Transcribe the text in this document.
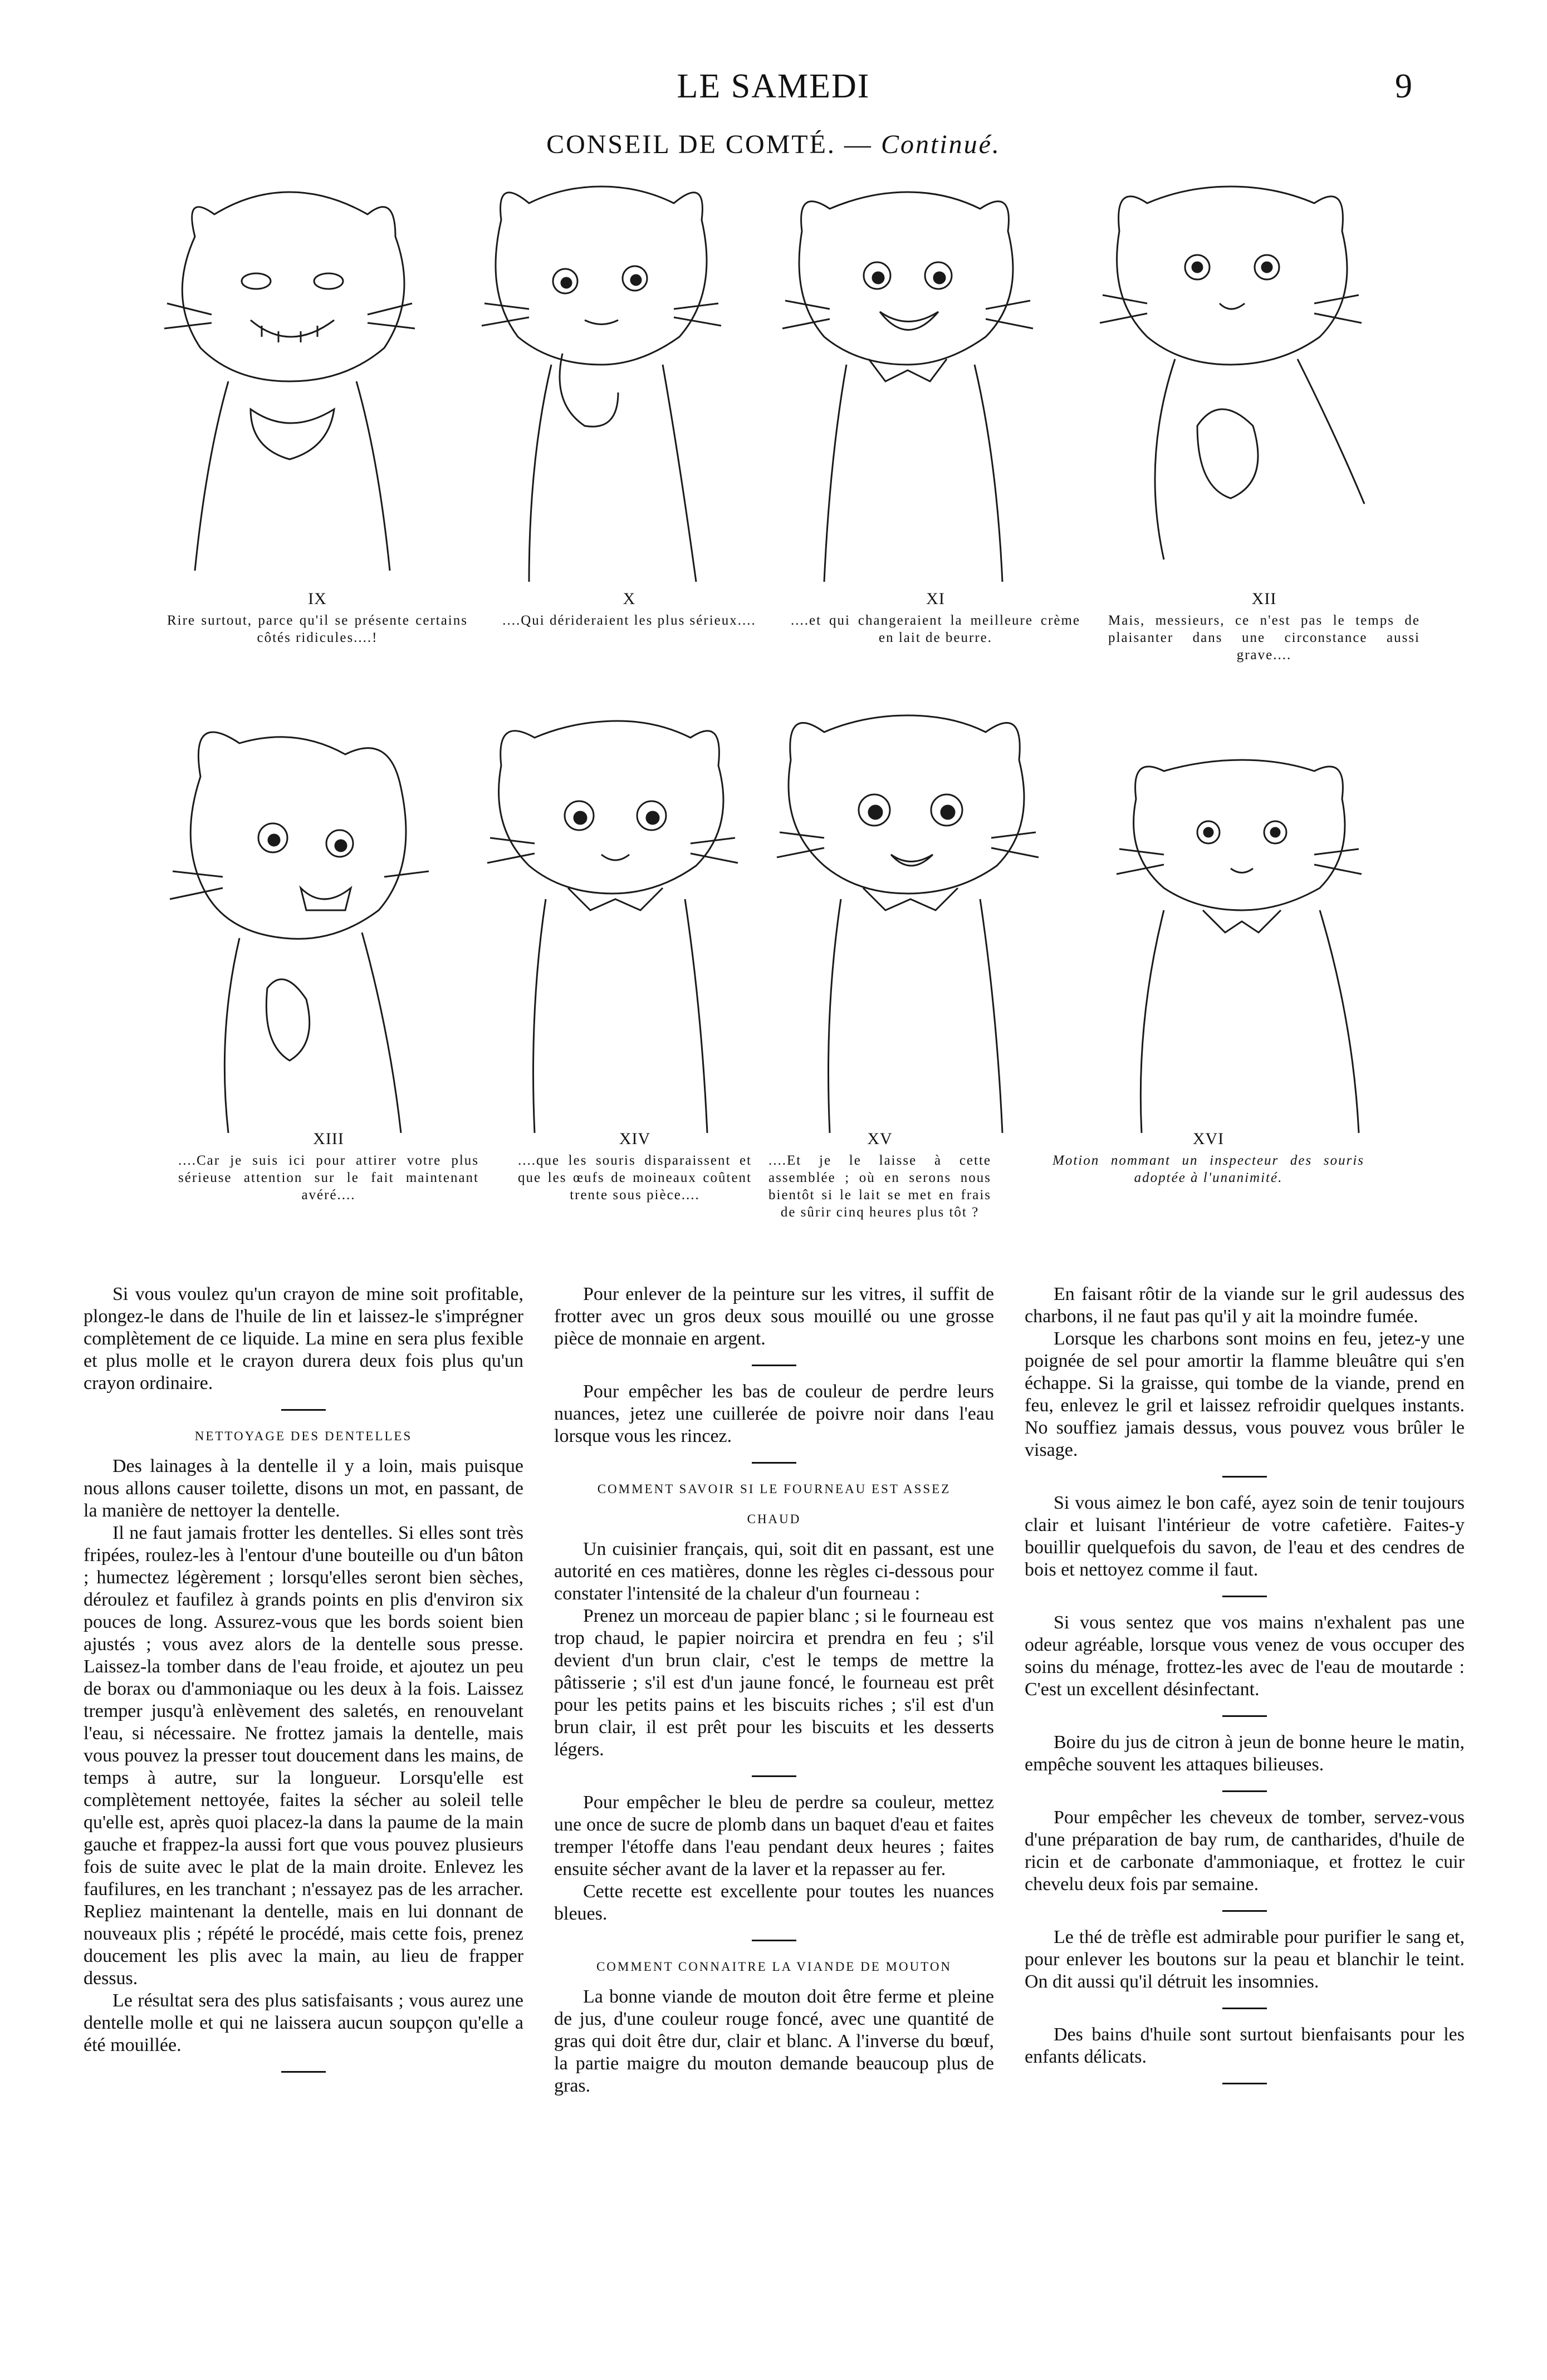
LE SAMEDI	9
CONSEIL DE COMTÉ. — Continué.
IX
Rire surtout, parce qu'il se présente certains côtés ridicules....!
X
....Qui dérideraient les plus sérieux....
XI
....et qui changeraient la meilleure crème en lait de beurre.
XII
Mais, messieurs, ce n'est pas le temps de plaisanter dans une circonstance aussi grave....
XIII
....Car je suis ici pour attirer votre plus sérieuse attention sur le fait maintenant avéré....
XIV
....que les souris disparaissent et que les œufs de moineaux coûtent trente sous pièce....
XV
....Et je le laisse à cette assemblée ; où en serons nous bientôt si le lait se met en frais de sûrir cinq heures plus tôt ?
XVI
Motion nommant un inspecteur des souris adoptée à l'unanimité.

Si vous voulez qu'un crayon de mine soit profitable, plongez-le dans de l'huile de lin et laissez-le s'imprégner complètement de ce liquide. La mine en sera plus fexible et plus molle et le crayon durera deux fois plus qu'un crayon ordinaire.

NETTOYAGE DES DENTELLES

Des lainages à la dentelle il y a loin, mais puisque nous allons causer toilette, disons un mot, en passant, de la manière de nettoyer la dentelle.

Il ne faut jamais frotter les dentelles. Si elles sont très fripées, roulez-les à l'entour d'une bouteille ou d'un bâton ; humectez légèrement ; lorsqu'elles seront bien sèches, déroulez et faufilez à grands points en plis d'environ six pouces de long. Assurez-vous que les bords soient bien ajustés ; vous avez alors de la dentelle sous presse. Laissez-la tomber dans de l'eau froide, et ajoutez un peu de borax ou d'ammoniaque ou les deux à la fois. Laissez tremper jusqu'à enlèvement des saletés, en renouvelant l'eau, si nécessaire. Ne frottez jamais la dentelle, mais vous pouvez la presser tout doucement dans les mains, de temps à autre, sur la longueur. Lorsqu'elle est complètement nettoyée, faites la sécher au soleil telle qu'elle est, après quoi placez-la dans la paume de la main gauche et frappez-la aussi fort que vous pouvez plusieurs fois de suite avec le plat de la main droite. Enlevez les faufilures, en les tranchant ; n'essayez pas de les arracher. Repliez maintenant la dentelle, mais en lui donnant de nouveaux plis ; répété le procédé, mais cette fois, prenez doucement les plis avec la main, au lieu de frapper dessus.

Le résultat sera des plus satisfaisants ; vous aurez une dentelle molle et qui ne laissera aucun soupçon qu'elle a été mouillée.

Pour enlever de la peinture sur les vitres, il suffit de frotter avec un gros deux sous mouillé ou une grosse pièce de monnaie en argent.

Pour empêcher les bas de couleur de perdre leurs nuances, jetez une cuillerée de poivre noir dans l'eau lorsque vous les rincez.

COMMENT SAVOIR SI LE FOURNEAU EST ASSEZ
CHAUD

Un cuisinier français, qui, soit dit en passant, est une autorité en ces matières, donne les règles ci-dessous pour constater l'intensité de la chaleur d'un fourneau :

Prenez un morceau de papier blanc ; si le fourneau est trop chaud, le papier noircira et prendra en feu ; s'il devient d'un brun clair, c'est le temps de mettre la pâtisserie ; s'il est d'un jaune foncé, le fourneau est prêt pour les petits pains et les biscuits riches ; s'il est d'un brun clair, il est prêt pour les biscuits et les desserts légers.

Pour empêcher le bleu de perdre sa couleur, mettez une once de sucre de plomb dans un baquet d'eau et faites tremper l'étoffe dans l'eau pendant deux heures ; faites ensuite sécher avant de la laver et la repasser au fer.

Cette recette est excellente pour toutes les nuances bleues.

COMMENT CONNAITRE LA VIANDE DE MOUTON

La bonne viande de mouton doit être ferme et pleine de jus, d'une couleur rouge foncé, avec une quantité de gras qui doit être dur, clair et blanc. A l'inverse du bœuf, la partie maigre du mouton demande beaucoup plus de gras.

En faisant rôtir de la viande sur le gril audessus des charbons, il ne faut pas qu'il y ait la moindre fumée.

Lorsque les charbons sont moins en feu, jetez-y une poignée de sel pour amortir la flamme bleuâtre qui s'en échappe. Si la graisse, qui tombe de la viande, prend en feu, enlevez le gril et laissez refroidir quelques instants. No souffiez jamais dessus, vous pouvez vous brûler le visage.

Si vous aimez le bon café, ayez soin de tenir toujours clair et luisant l'intérieur de votre cafetière. Faites-y bouillir quelquefois du savon, de l'eau et des cendres de bois et nettoyez comme il faut.

Si vous sentez que vos mains n'exhalent pas une odeur agréable, lorsque vous venez de vous occuper des soins du ménage, frottez-les avec de l'eau de moutarde : C'est un excellent désinfectant.

Boire du jus de citron à jeun de bonne heure le matin, empêche souvent les attaques bilieuses.

Pour empêcher les cheveux de tomber, servez-vous d'une préparation de bay rum, de cantharides, d'huile de ricin et de carbonate d'ammoniaque, et frottez le cuir chevelu deux fois par semaine.

Le thé de trèfle est admirable pour purifier le sang et, pour enlever les boutons sur la peau et blanchir le teint. On dit aussi qu'il détruit les insomnies.

Des bains d'huile sont surtout bienfaisants pour les enfants délicats.
